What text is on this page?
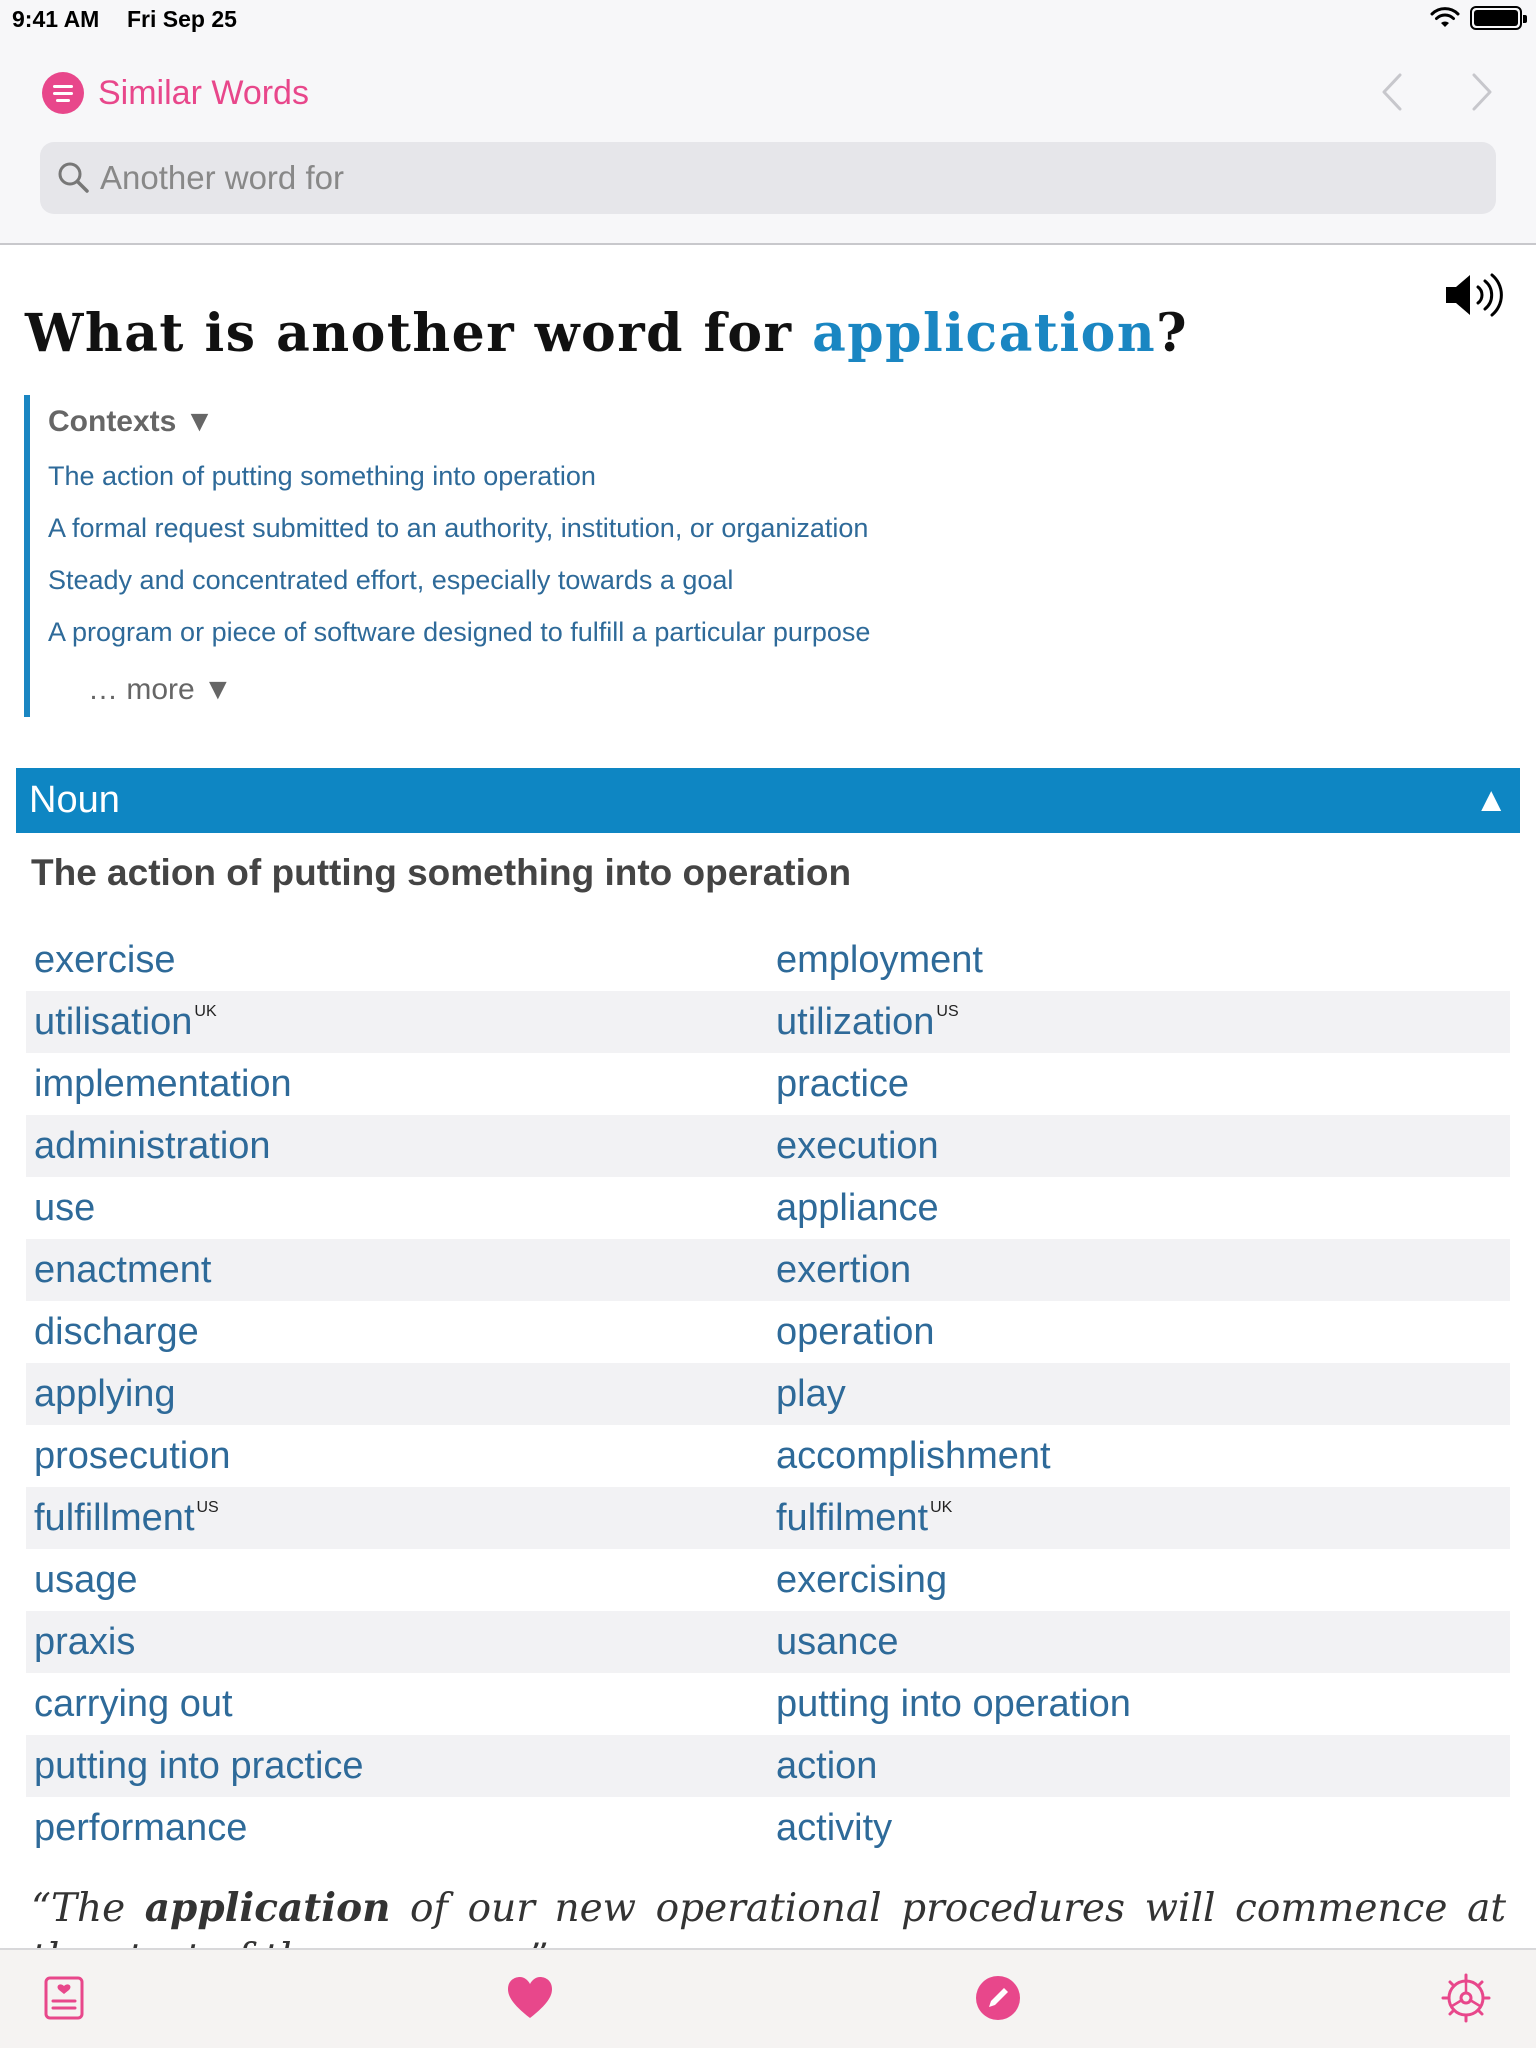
9:41 AM Fri Sep 25
Similar Words
Another word for
What is another word for application?
Contexts ▼
The action of putting something into operation
A formal request submitted to an authority, institution, or organization
Steady and concentrated effort, especially towards a goal
A program or piece of software designed to fulfill a particular purpose
… more ▼
Noun	▲
The action of putting something into operation
exercise	employment
utilisation $^{UK}$	utilization $^{US}$
implementation	practice
administration	execution
use	appliance
enactment	exertion
discharge	operation
applying	play
prosecution	accomplishment
fulfillment $^{US}$	fulfilment $^{UK}$
usage	exercising
praxis	usance
carrying out	putting into operation
putting into practice	action
performance	activity
“The application of our new operational procedures will commence at
